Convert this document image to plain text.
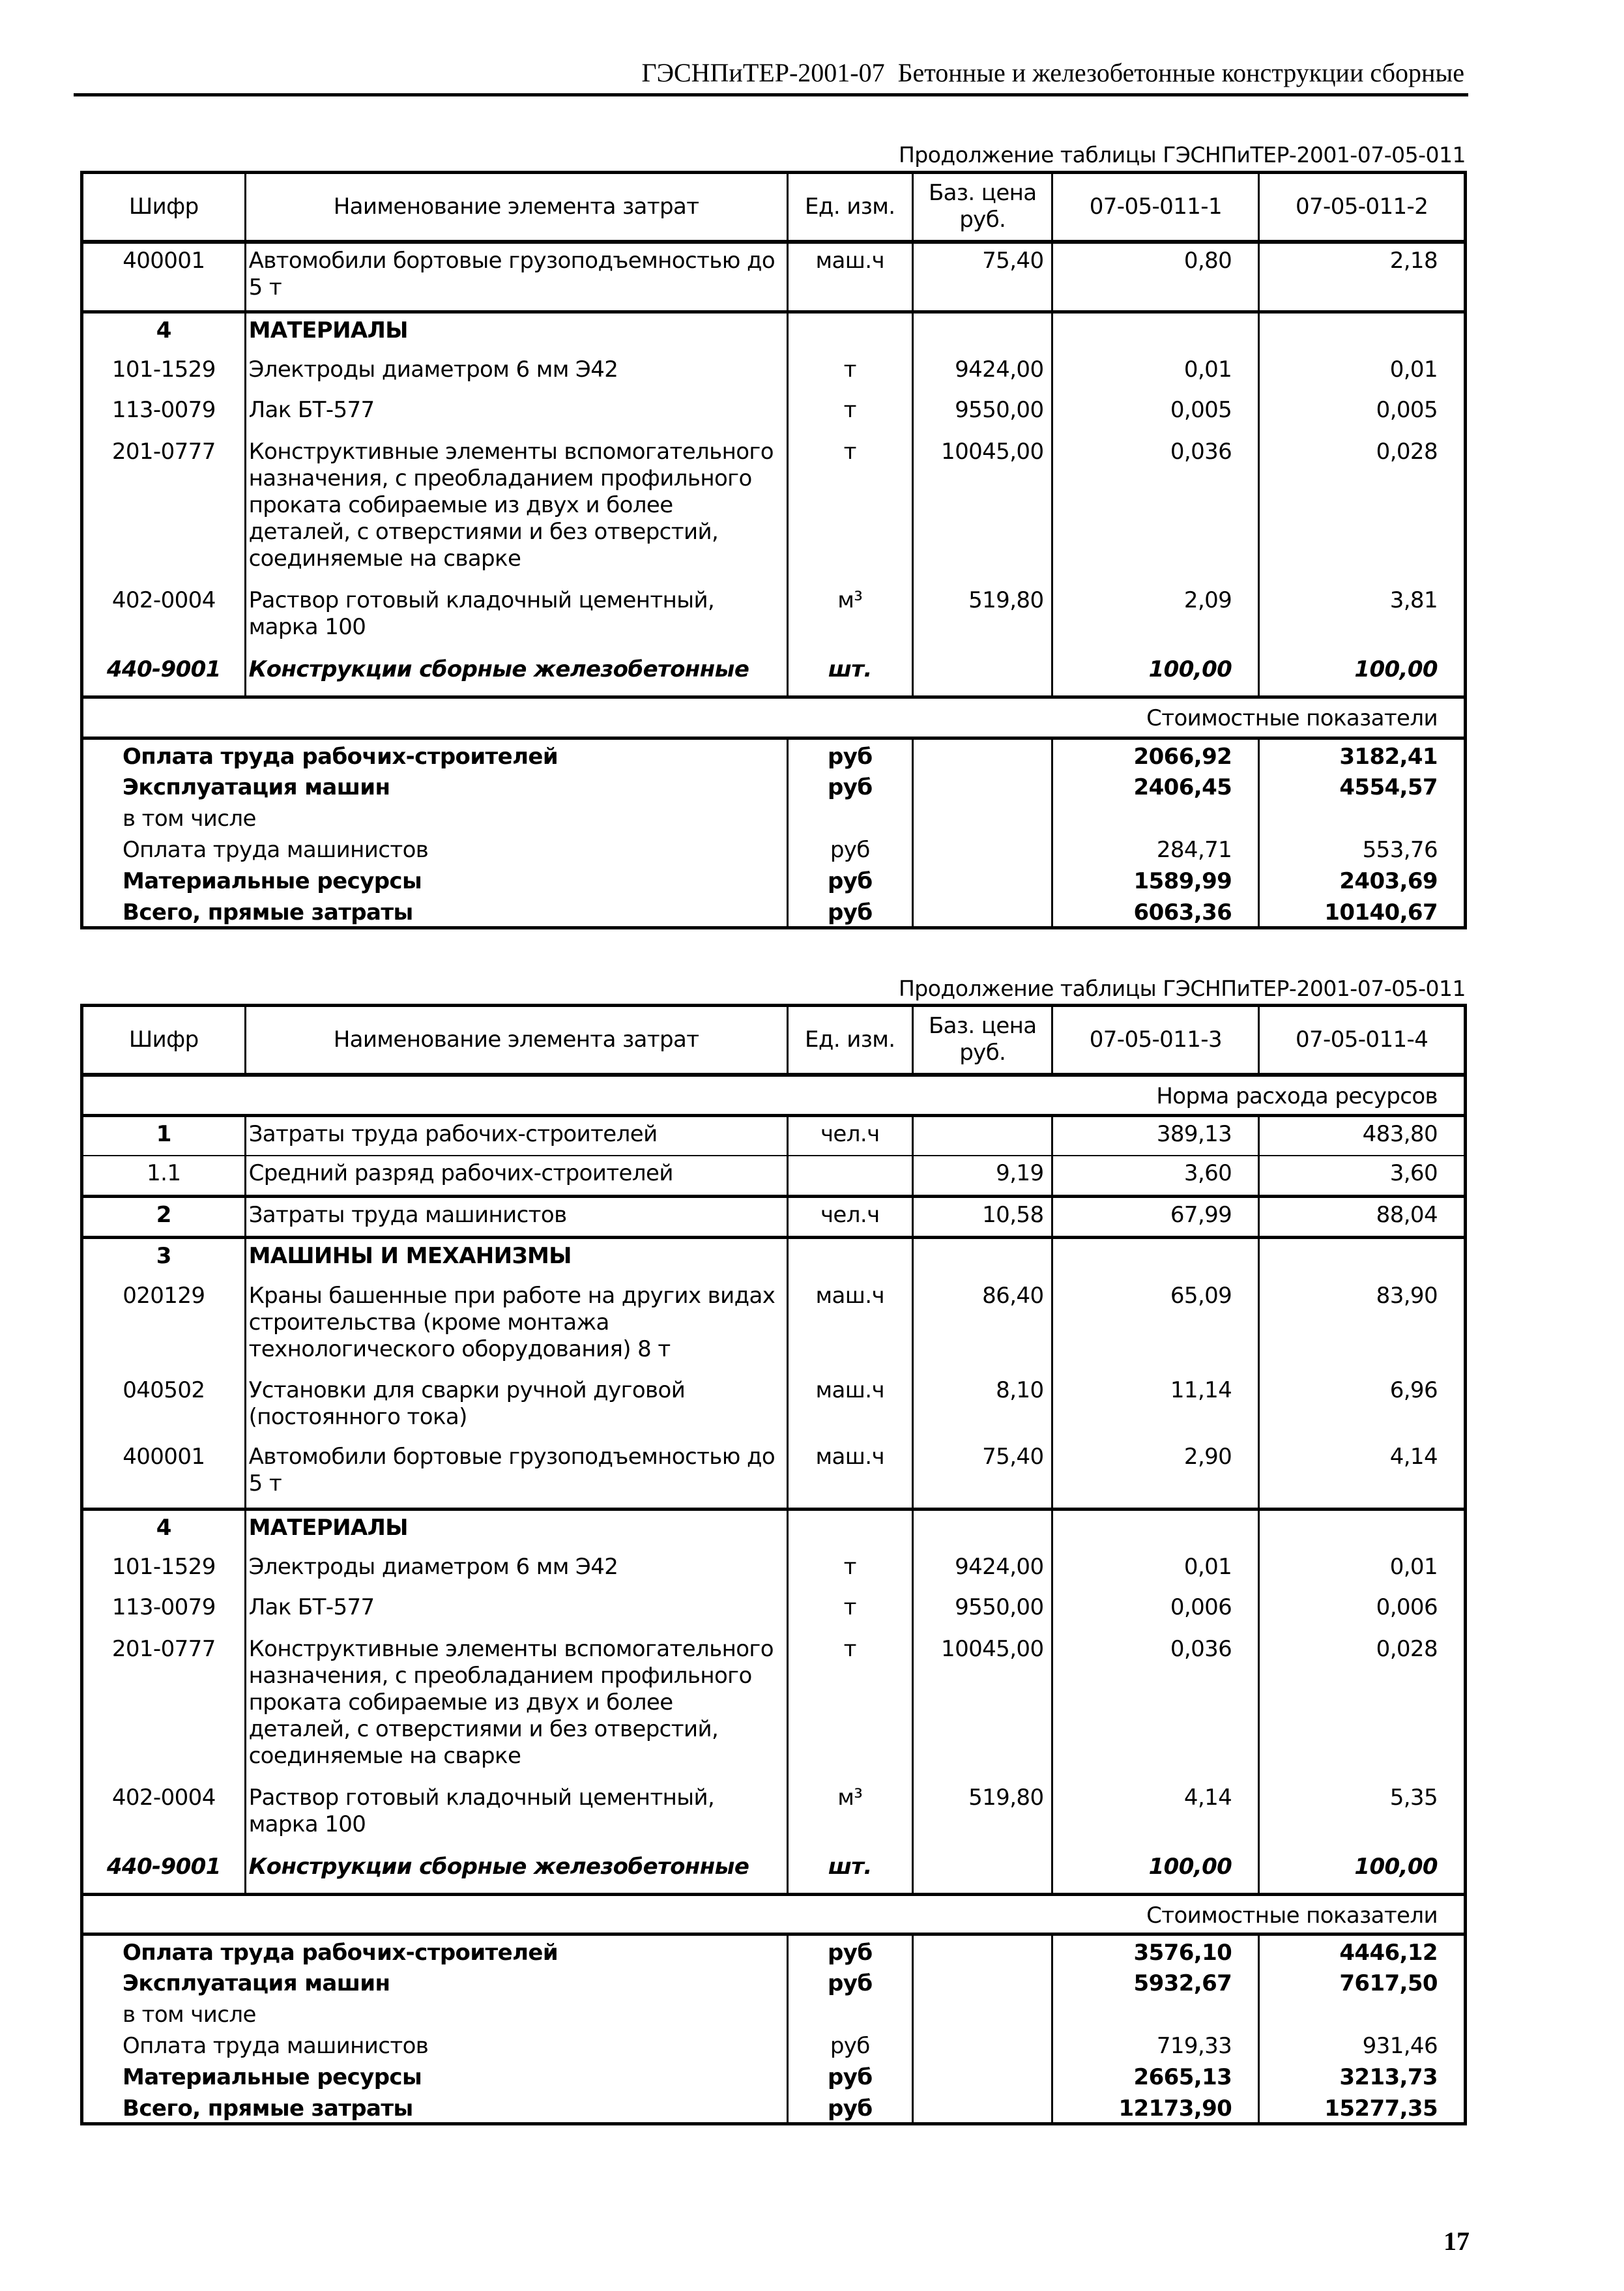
ГЭСНПиТЕР-2001-07  Бетонные и железобетонные конструкции сборные
Продолжение таблицы ГЭСНПиТЕР-2001-07-05-011
Шифр	Наименование элемента затрат	Ед. изм.	Баз. цена руб.	07-05-011-1	07-05-011-2
400001	Автомобили бортовые грузоподъемностью до 5 т	маш.ч	75,40	0,80	2,18
4	МАТЕРИАЛЫ				
101-1529	Электроды диаметром 6 мм Э42	т	9424,00	0,01	0,01
113-0079	Лак БТ-577	т	9550,00	0,005	0,005
201-0777	Конструктивные элементы вспомогательного назначения, с преобладанием профильного проката собираемые из двух и более деталей, с отверстиями и без отверстий, соединяемые на сварке	т	10045,00	0,036	0,028
402-0004	Раствор готовый кладочный цементный, марка 100	м³	519,80	2,09	3,81
440-9001	Конструкции сборные железобетонные	шт.		100,00	100,00
Стоимостные показатели					
Оплата труда рабочих-строителей		руб		2066,92	3182,41
Эксплуатация машин		руб		2406,45	4554,57
в том числе					
Оплата труда машинистов		руб		284,71	553,76
Материальные ресурсы		руб		1589,99	2403,69
Всего, прямые затраты		руб		6063,36	10140,67
Продолжение таблицы ГЭСНПиТЕР-2001-07-05-011
Шифр	Наименование элемента затрат	Ед. изм.	Баз. цена руб.	07-05-011-3	07-05-011-4
Норма расхода ресурсов					
1	Затраты труда рабочих-строителей	чел.ч		389,13	483,80
1.1	Средний разряд рабочих-строителей		9,19	3,60	3,60
2	Затраты труда машинистов	чел.ч	10,58	67,99	88,04
3	МАШИНЫ И МЕХАНИЗМЫ				
020129	Краны башенные при работе на других видах строительства (кроме монтажа технологического оборудования) 8 т	маш.ч	86,40	65,09	83,90
040502	Установки для сварки ручной дуговой (постоянного тока)	маш.ч	8,10	11,14	6,96
400001	Автомобили бортовые грузоподъемностью до 5 т	маш.ч	75,40	2,90	4,14
4	МАТЕРИАЛЫ				
101-1529	Электроды диаметром 6 мм Э42	т	9424,00	0,01	0,01
113-0079	Лак БТ-577	т	9550,00	0,006	0,006
201-0777	Конструктивные элементы вспомогательного назначения, с преобладанием профильного проката собираемые из двух и более деталей, с отверстиями и без отверстий, соединяемые на сварке	т	10045,00	0,036	0,028
402-0004	Раствор готовый кладочный цементный, марка 100	м³	519,80	4,14	5,35
440-9001	Конструкции сборные железобетонные	шт.		100,00	100,00
Стоимостные показатели					
Оплата труда рабочих-строителей		руб		3576,10	4446,12
Эксплуатация машин		руб		5932,67	7617,50
в том числе					
Оплата труда машинистов		руб		719,33	931,46
Материальные ресурсы		руб		2665,13	3213,73
Всего, прямые затраты		руб		12173,90	15277,35
17
